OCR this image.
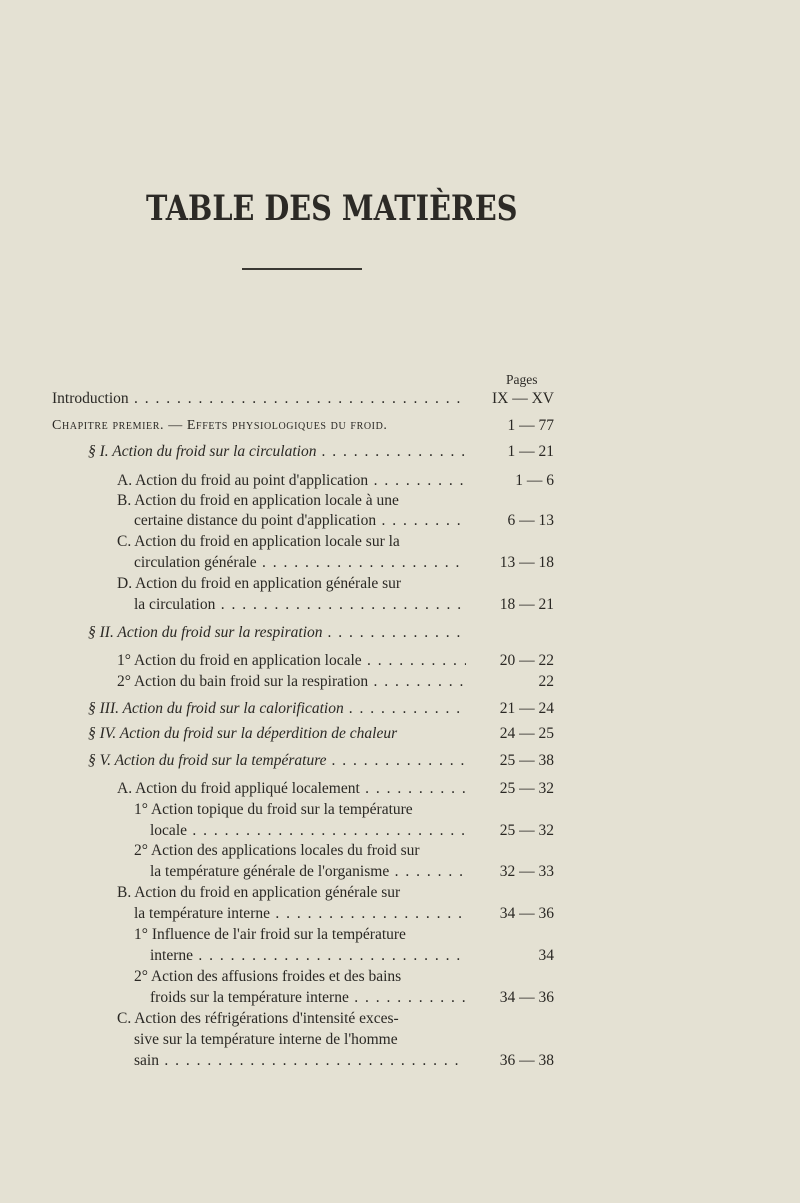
TABLE DES MATIÈRES
Pages
Introduction . . .	IX — XV
Chapitre premier. — Effets physiologiques du froid.	1 — 77
§ I. Action du froid sur la circulation . . .	1 — 21
A. Action du froid au point d'application . . .	1 — 6
B. Action du froid en application locale à une
certaine distance du point d'application . . .	6 — 13
C. Action du froid en application locale sur la
circulation générale . . .	13 — 18
D. Action du froid en application générale sur
la circulation . . .	18 — 21
§ II. Action du froid sur la respiration . . .
1° Action du froid en application locale . . .	20 — 22
2° Action du bain froid sur la respiration . . .	22
§ III. Action du froid sur la calorification . . .	21 — 24
§ IV. Action du froid sur la déperdition de chaleur	24 — 25
§ V. Action du froid sur la température . . .	25 — 38
A. Action du froid appliqué localement . . .	25 — 32
1° Action topique du froid sur la température
locale . . .	25 — 32
2° Action des applications locales du froid sur
la température générale de l'organisme . . .	32 — 33
B. Action du froid en application générale sur
la température interne . . .	34 — 36
1° Influence de l'air froid sur la température
interne . . .	34
2° Action des affusions froides et des bains
froids sur la température interne . . .	34 — 36
C. Action des réfrigérations d'intensité exces-
sive sur la température interne de l'homme
sain . . .	36 — 38
